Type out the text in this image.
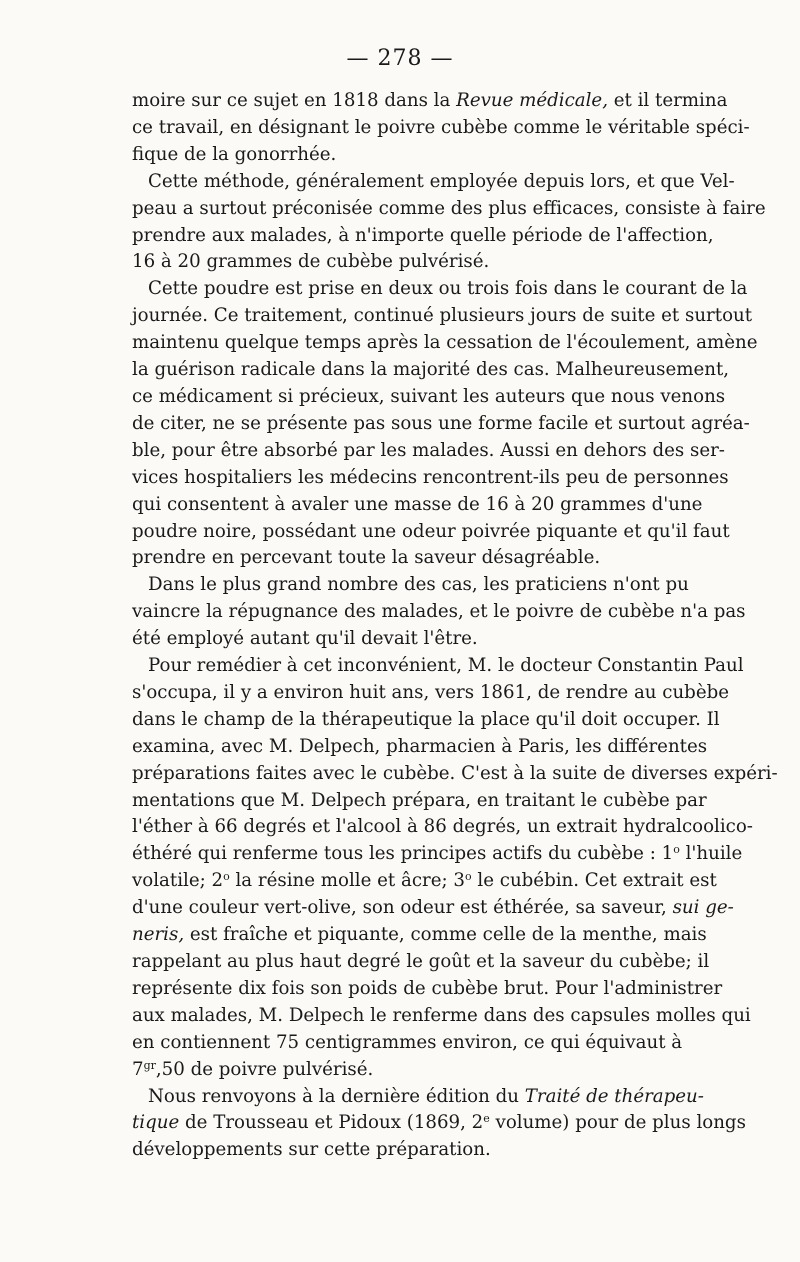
— 278 —
moire sur ce sujet en 1818 dans la Revue médicale, et il termina
ce travail, en désignant le poivre cubèbe comme le véritable spéci-
fique de la gonorrhée.
Cette méthode, généralement employée depuis lors, et que Vel-
peau a surtout préconisée comme des plus efficaces, consiste à faire
prendre aux malades, à n'importe quelle période de l'affection,
16 à 20 grammes de cubèbe pulvérisé.
Cette poudre est prise en deux ou trois fois dans le courant de la
journée. Ce traitement, continué plusieurs jours de suite et surtout
maintenu quelque temps après la cessation de l'écoulement, amène
la guérison radicale dans la majorité des cas. Malheureusement,
ce médicament si précieux, suivant les auteurs que nous venons
de citer, ne se présente pas sous une forme facile et surtout agréa-
ble, pour être absorbé par les malades. Aussi en dehors des ser-
vices hospitaliers les médecins rencontrent-ils peu de personnes
qui consentent à avaler une masse de 16 à 20 grammes d'une
poudre noire, possédant une odeur poivrée piquante et qu'il faut
prendre en percevant toute la saveur désagréable.
Dans le plus grand nombre des cas, les praticiens n'ont pu
vaincre la répugnance des malades, et le poivre de cubèbe n'a pas
été employé autant qu'il devait l'être.
Pour remédier à cet inconvénient, M. le docteur Constantin Paul
s'occupa, il y a environ huit ans, vers 1861, de rendre au cubèbe
dans le champ de la thérapeutique la place qu'il doit occuper. Il
examina, avec M. Delpech, pharmacien à Paris, les différentes
préparations faites avec le cubèbe. C'est à la suite de diverses expéri-
mentations que M. Delpech prépara, en traitant le cubèbe par
l'éther à 66 degrés et l'alcool à 86 degrés, un extrait hydralcoolico-
éthéré qui renferme tous les principes actifs du cubèbe : 1$^o$ l'huile
volatile; 2$^o$ la résine molle et âcre; 3$^o$ le cubébin. Cet extrait est
d'une couleur vert-olive, son odeur est éthérée, sa saveur, sui ge-
neris, est fraîche et piquante, comme celle de la menthe, mais
rappelant au plus haut degré le goût et la saveur du cubèbe; il
représente dix fois son poids de cubèbe brut. Pour l'administrer
aux malades, M. Delpech le renferme dans des capsules molles qui
en contiennent 75 centigrammes environ, ce qui équivaut à
$7^{gr},50$ de poivre pulvérisé.
Nous renvoyons à la dernière édition du Traité de thérapeu-
tique de Trousseau et Pidoux (1869, 2e volume) pour de plus longs
développements sur cette préparation.
